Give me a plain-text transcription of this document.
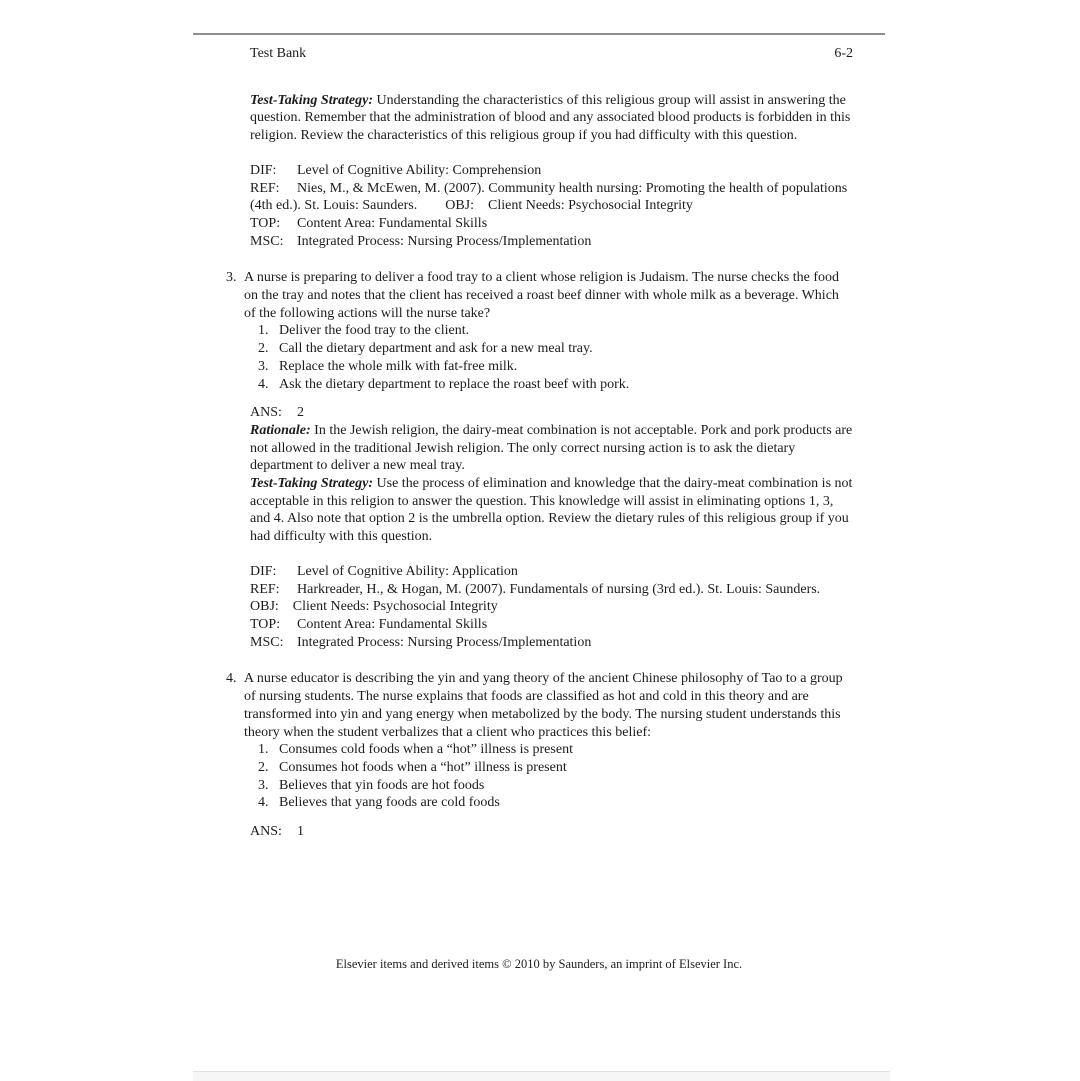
Test Bank	6-2
Test-Taking Strategy: Understanding the characteristics of this religious group will assist in answering the question. Remember that the administration of blood and any associated blood products is forbidden in this religion. Review the characteristics of this religious group if you had difficulty with this question.
DIF: Level of Cognitive Ability: Comprehension
REF: Nies, M., & McEwen, M. (2007). Community health nursing: Promoting the health of populations (4th ed.). St. Louis: Saunders. OBJ: Client Needs: Psychosocial Integrity
TOP: Content Area: Fundamental Skills
MSC: Integrated Process: Nursing Process/Implementation
3. A nurse is preparing to deliver a food tray to a client whose religion is Judaism. The nurse checks the food on the tray and notes that the client has received a roast beef dinner with whole milk as a beverage. Which of the following actions will the nurse take?
1. Deliver the food tray to the client.
2. Call the dietary department and ask for a new meal tray.
3. Replace the whole milk with fat-free milk.
4. Ask the dietary department to replace the roast beef with pork.
ANS: 2
Rationale: In the Jewish religion, the dairy-meat combination is not acceptable. Pork and pork products are not allowed in the traditional Jewish religion. The only correct nursing action is to ask the dietary department to deliver a new meal tray.
Test-Taking Strategy: Use the process of elimination and knowledge that the dairy-meat combination is not acceptable in this religion to answer the question. This knowledge will assist in eliminating options 1, 3, and 4. Also note that option 2 is the umbrella option. Review the dietary rules of this religious group if you had difficulty with this question.
DIF: Level of Cognitive Ability: Application
REF: Harkreader, H., & Hogan, M. (2007). Fundamentals of nursing (3rd ed.). St. Louis: Saunders.OBJ: Client Needs: Psychosocial Integrity
TOP: Content Area: Fundamental Skills
MSC: Integrated Process: Nursing Process/Implementation
4. A nurse educator is describing the yin and yang theory of the ancient Chinese philosophy of Tao to a group of nursing students. The nurse explains that foods are classified as hot and cold in this theory and are transformed into yin and yang energy when metabolized by the body. The nursing student understands this theory when the student verbalizes that a client who practices this belief:
1. Consumes cold foods when a “hot” illness is present
2. Consumes hot foods when a “hot” illness is present
3. Believes that yin foods are hot foods
4. Believes that yang foods are cold foods
ANS: 1
Elsevier items and derived items © 2010 by Saunders, an imprint of Elsevier Inc.
